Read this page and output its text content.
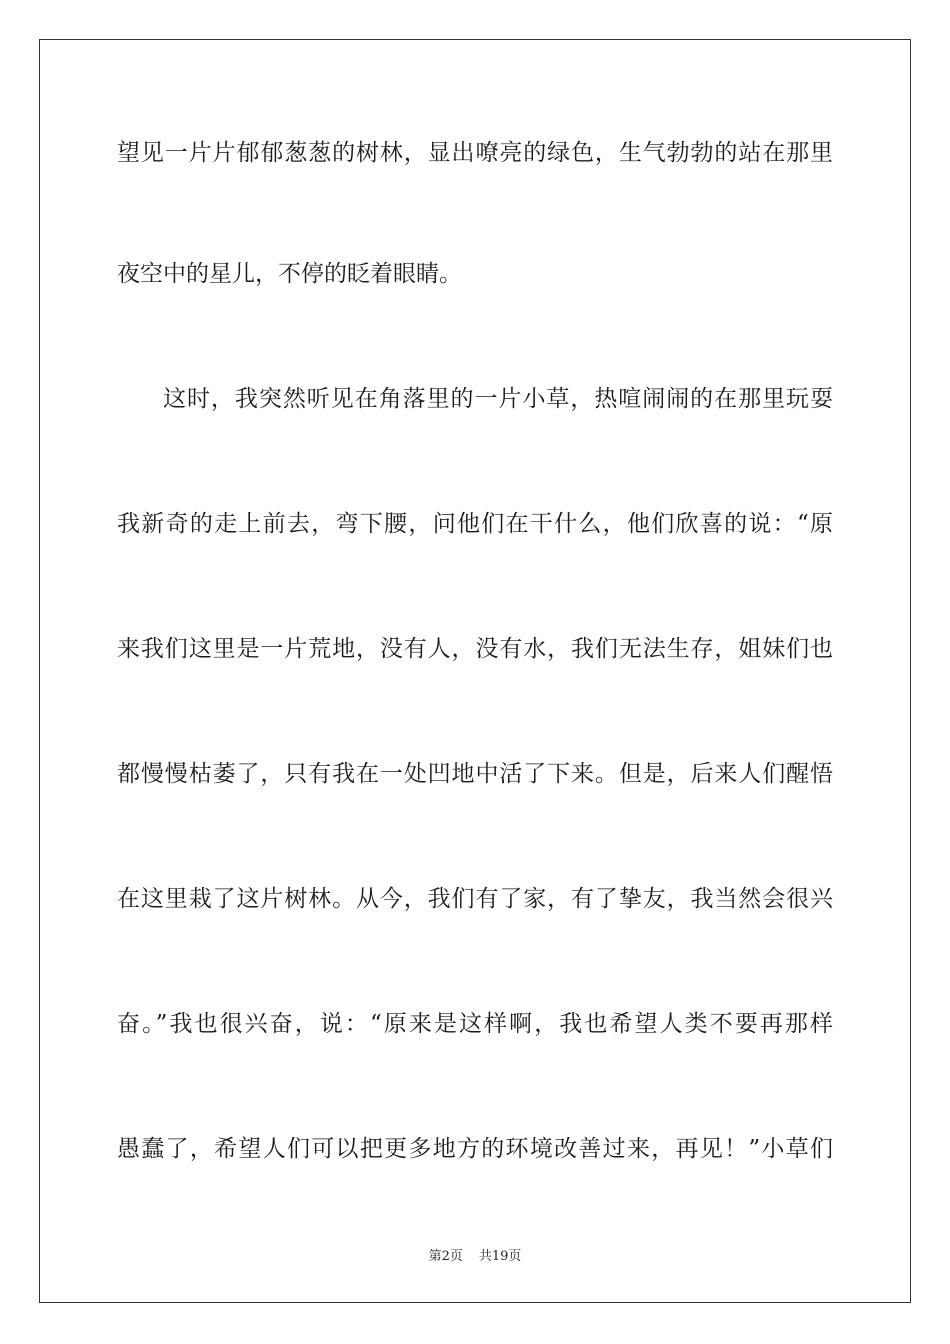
望见一片片郁郁葱葱的树林，显出嘹亮的绿色，生气勃勃的站在那里
夜空中的星儿，不停的眨着眼睛。
这时，我突然听见在角落里的一片小草，热喧闹闹的在那里玩耍
我新奇的走上前去，弯下腰，问他们在干什么，他们欣喜的说：“原
来我们这里是一片荒地，没有人，没有水，我们无法生存，姐妹们也
都慢慢枯萎了，只有我在一处凹地中活了下来。但是，后来人们醒悟
在这里栽了这片树林。从今，我们有了家，有了挚友，我当然会很兴
奋。”我也很兴奋，说：“原来是这样啊，我也希望人类不要再那样
愚蠢了，希望人们可以把更多地方的环境改善过来，再见！”小草们
第2页 共19页
